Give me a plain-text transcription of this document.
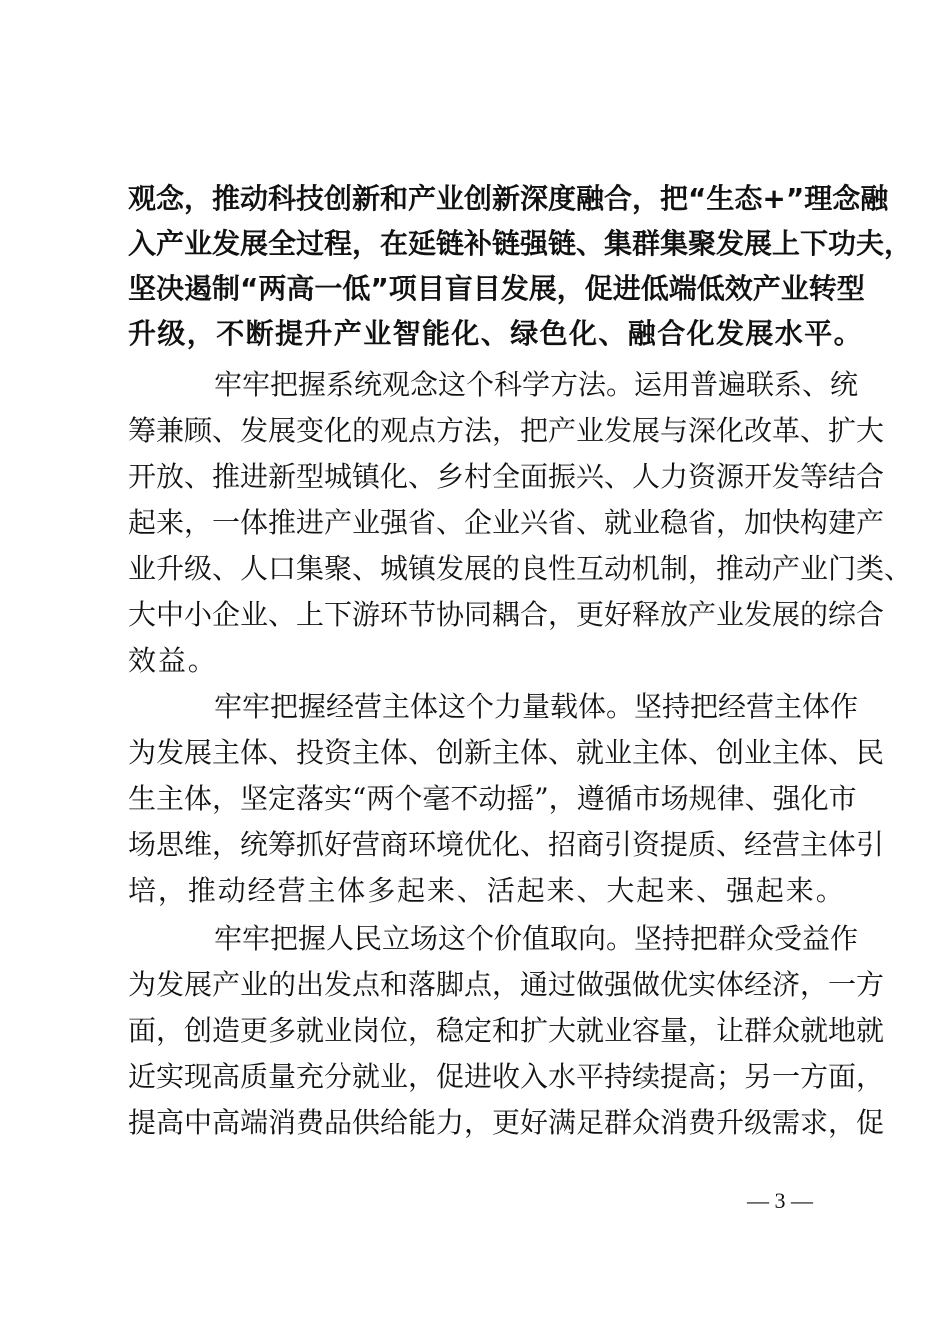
观念，推动科技创新和产业创新深度融合，把“生态+”理念融
入产业发展全过程，在延链补链强链、集群集聚发展上下功夫，
坚决遏制“两高一低”项目盲目发展，促进低端低效产业转型
升级，不断提升产业智能化、绿色化、融合化发展水平。
牢牢把握系统观念这个科学方法。运用普遍联系、统
筹兼顾、发展变化的观点方法，把产业发展与深化改革、扩大
开放、推进新型城镇化、乡村全面振兴、人力资源开发等结合
起来，一体推进产业强省、企业兴省、就业稳省，加快构建产
业升级、人口集聚、城镇发展的良性互动机制，推动产业门类、
大中小企业、上下游环节协同耦合，更好释放产业发展的综合
效益。
牢牢把握经营主体这个力量载体。坚持把经营主体作
为发展主体、投资主体、创新主体、就业主体、创业主体、民
生主体，坚定落实“两个毫不动摇”，遵循市场规律、强化市
场思维，统筹抓好营商环境优化、招商引资提质、经营主体引
培，推动经营主体多起来、活起来、大起来、强起来。
牢牢把握人民立场这个价值取向。坚持把群众受益作
为发展产业的出发点和落脚点，通过做强做优实体经济，一方
面，创造更多就业岗位，稳定和扩大就业容量，让群众就地就
近实现高质量充分就业，促进收入水平持续提高；另一方面，
提高中高端消费品供给能力，更好满足群众消费升级需求，促
— 3 —
